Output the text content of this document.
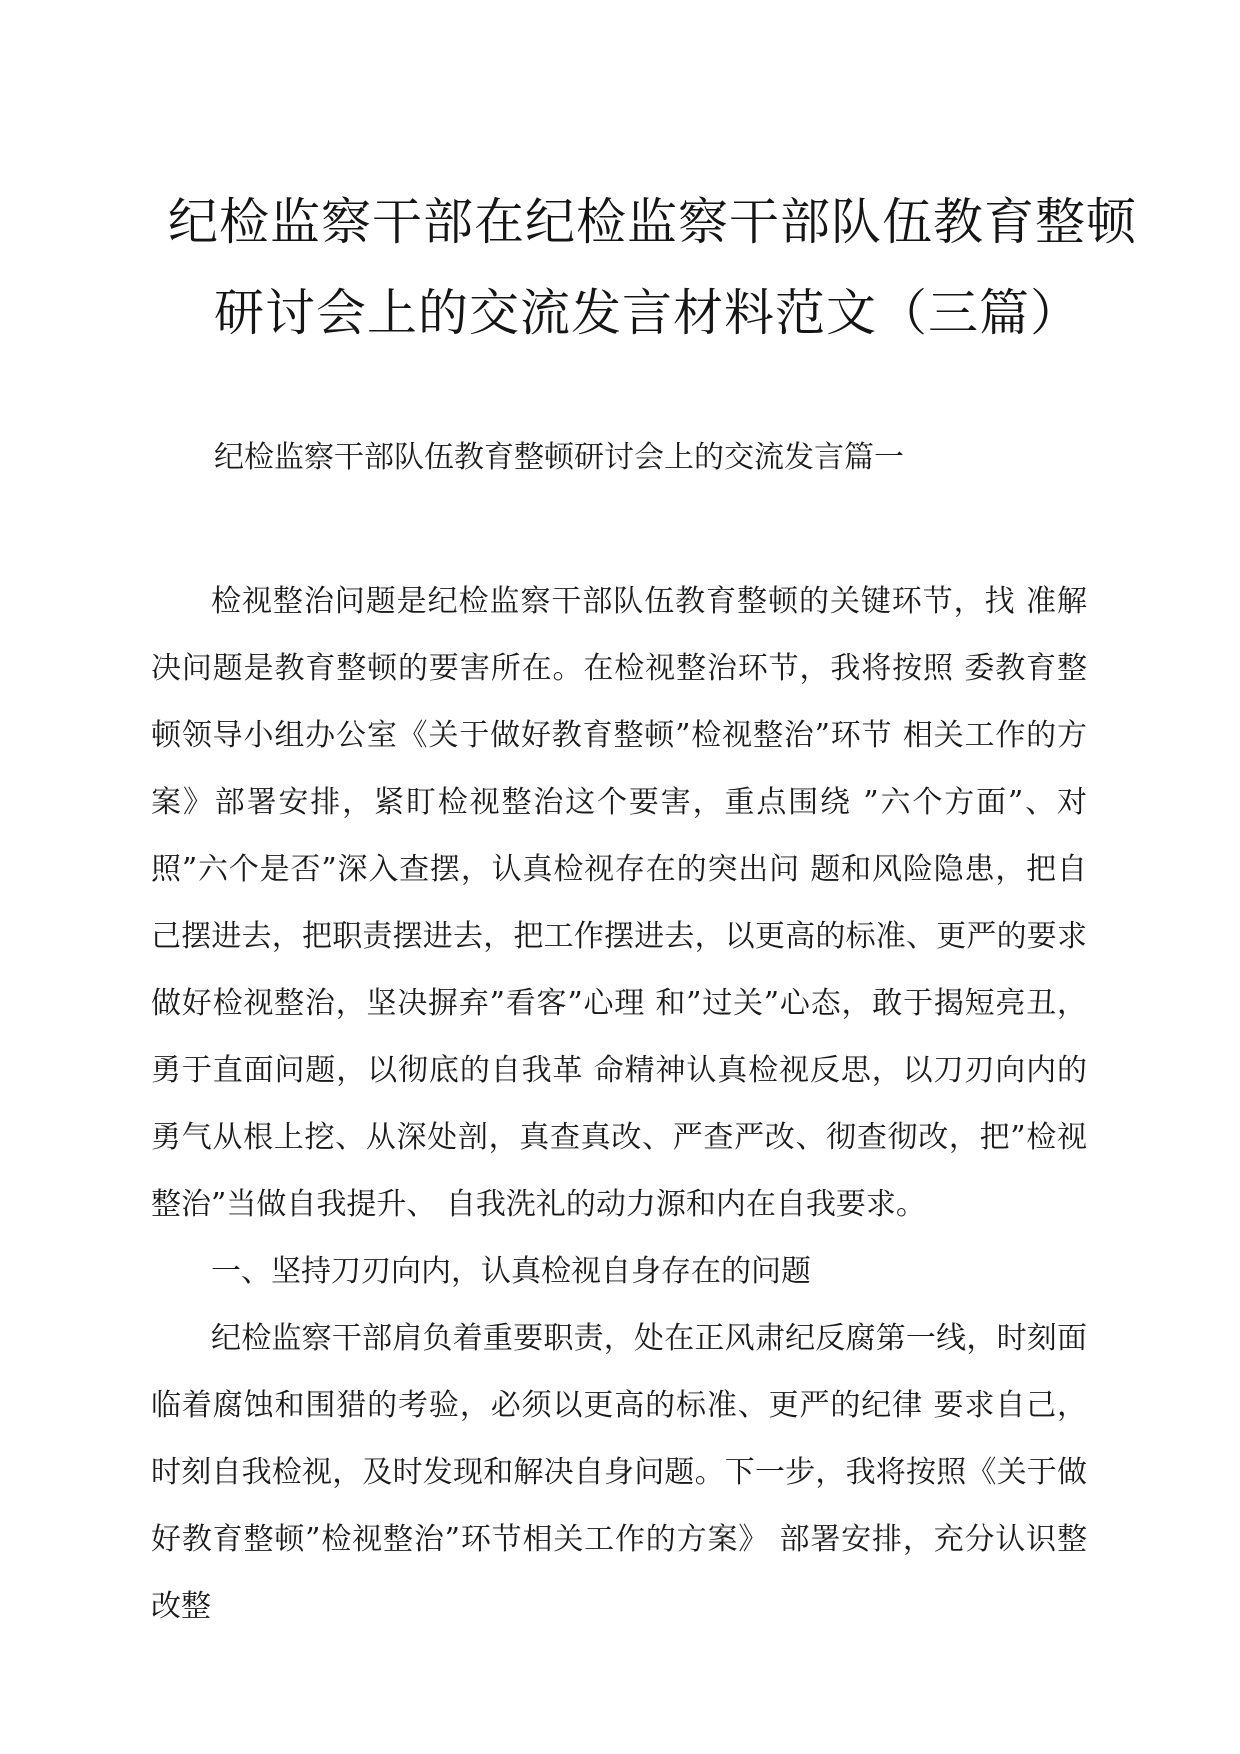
纪检监察干部在纪检监察干部队伍教育整顿
研讨会上的交流发言材料范文（三篇）
纪检监察干部队伍教育整顿研讨会上的交流发言篇一

检视整治问题是纪检监察干部队伍教育整顿的关键环节，找 准解决问题是教育整顿的要害所在。在检视整治环节，我将按照 委教育整顿领导小组办公室《关于做好教育整顿”检视整治”环节 相关工作的方案》部署安排，紧盯检视整治这个要害，重点围绕 ”六个方面”、对照”六个是否”深入查摆，认真检视存在的突出问 题和风险隐患，把自己摆进去，把职责摆进去，把工作摆进去，以更高的标准、更严的要求做好检视整治，坚决摒弃”看客”心理 和”过关”心态，敢于揭短亮丑，勇于直面问题，以彻底的自我革 命精神认真检视反思，以刀刃向内的勇气从根上挖、从深处剖，真查真改、严查严改、彻查彻改，把”检视整治”当做自我提升、 自我洗礼的动力源和内在自我要求。

一、坚持刀刃向内，认真检视自身存在的问题

纪检监察干部肩负着重要职责，处在正风肃纪反腐第一线，时刻面临着腐蚀和围猎的考验，必须以更高的标准、更严的纪律 要求自己，时刻自我检视，及时发现和解决自身问题。下一步，我将按照《关于做好教育整顿”检视整治”环节相关工作的方案》 部署安排，充分认识整改整
